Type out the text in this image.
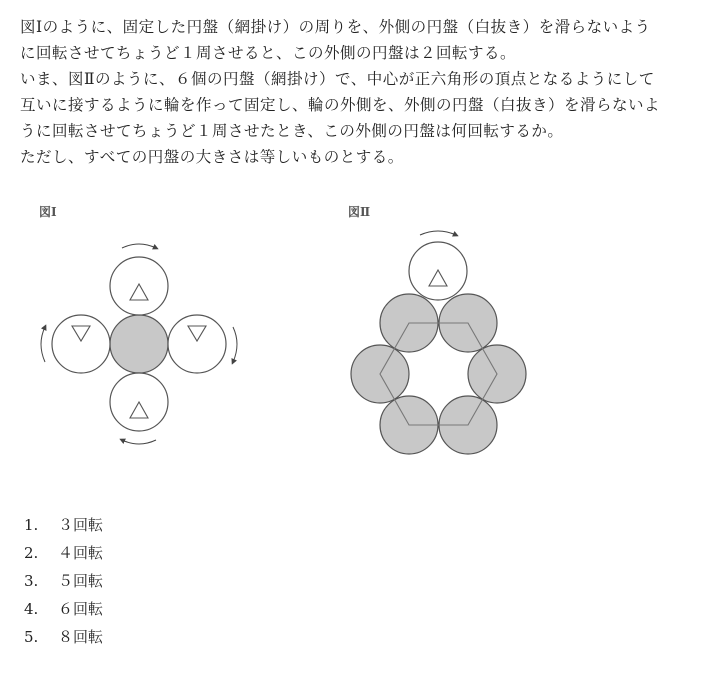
図Ⅰのように、固定した円盤（網掛け）の周りを、外側の円盤（白抜き）を滑らないよう

に回転させてちょうど１周させると、この外側の円盤は２回転する。

いま、図Ⅱのように、６個の円盤（網掛け）で、中心が正六角形の頂点となるようにして

互いに接するように輪を作って固定し、輪の外側を、外側の円盤（白抜き）を滑らないよ

うに回転させてちょうど１周させたとき、この外側の円盤は何回転するか。

ただし、すべての円盤の大きさは等しいものとする。

図Ⅰ	図Ⅱ
1. ３回転
2. ４回転
3. ５回転
4. ６回転
5. ８回転
